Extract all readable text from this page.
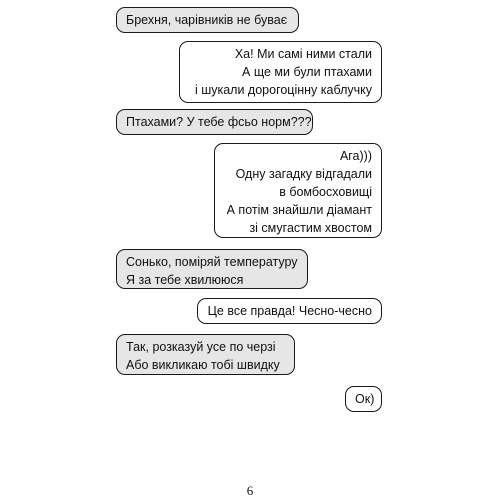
Брехня, чарівників не буває
Ха! Ми самі ними стали
А ще ми були птахами
і шукали дорогоцінну каблучку
Птахами? У тебе фсьо норм???
Ага)))
Одну загадку відгадали
в бомбосховищі
А потім знайшли діамант
зі смугастим хвостом
Сонько, поміряй температуру
Я за тебе хвилююся
Це все правда! Чесно-чесно
Так, розказуй усе по черзі
Або викликаю тобі швидку
Ок)
6
